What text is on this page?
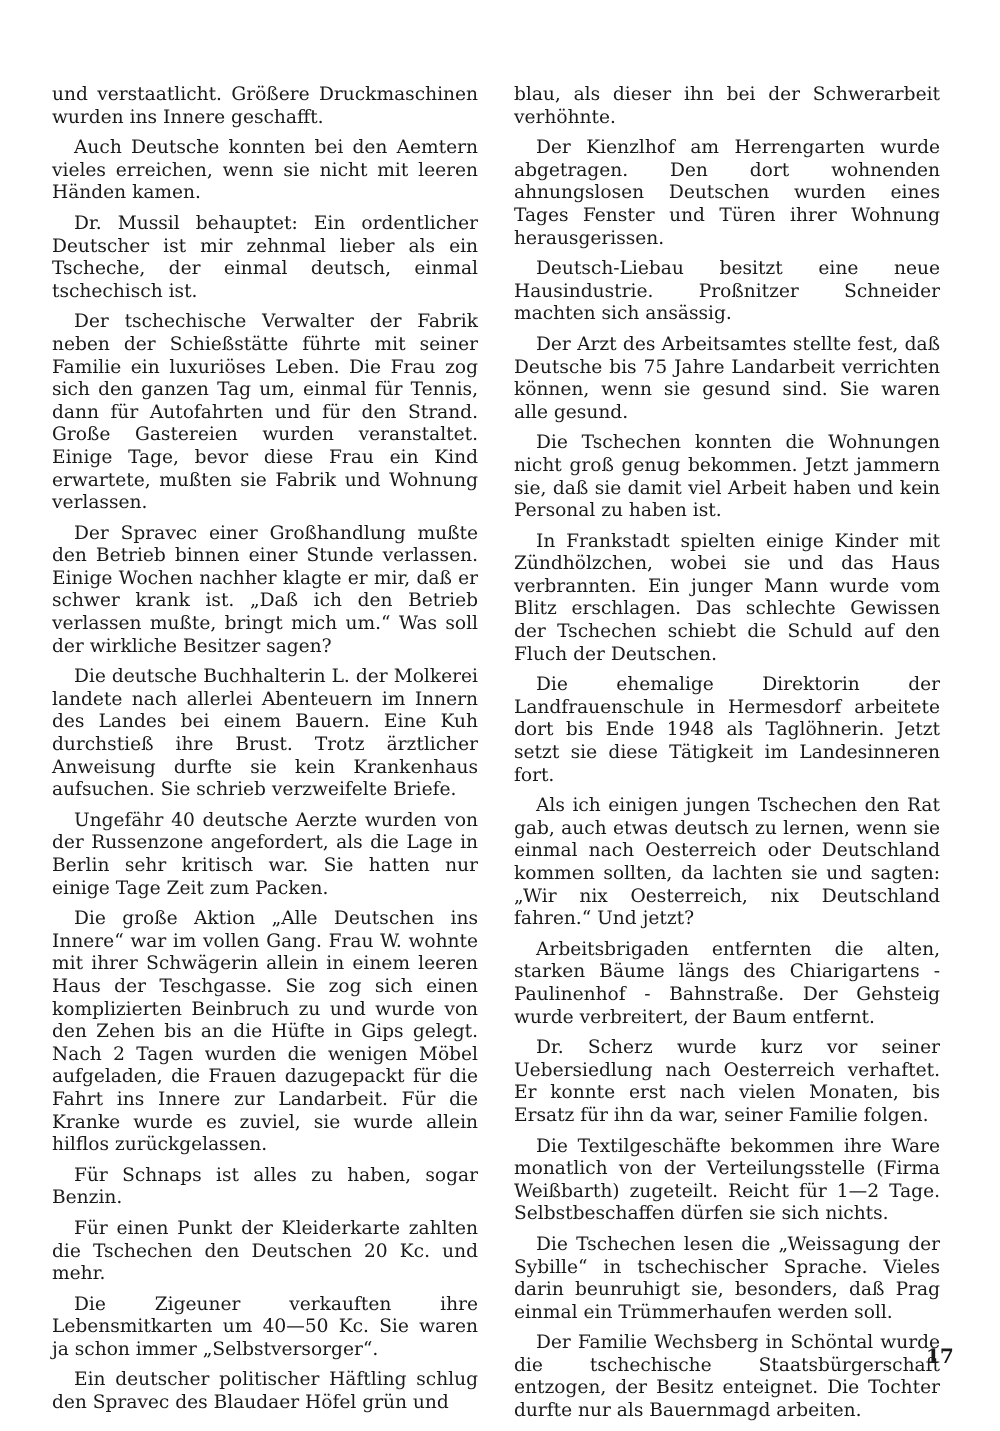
und verstaatlicht. Größere Druckmaschinen wurden ins Innere geschafft.

Auch Deutsche konnten bei den Aemtern vieles erreichen, wenn sie nicht mit leeren Händen kamen.

Dr. Mussil behauptet: Ein ordentlicher Deutscher ist mir zehnmal lieber als ein Tscheche, der einmal deutsch, einmal tschechisch ist.

Der tschechische Verwalter der Fabrik neben der Schießstätte führte mit seiner Familie ein luxuriöses Leben. Die Frau zog sich den ganzen Tag um, einmal für Tennis, dann für Autofahrten und für den Strand. Große Gastereien wurden veranstaltet. Einige Tage, bevor diese Frau ein Kind erwartete, mußten sie Fabrik und Wohnung verlassen.

Der Spravec einer Großhandlung mußte den Betrieb binnen einer Stunde verlassen. Einige Wochen nachher klagte er mir, daß er schwer krank ist. „Daß ich den Betrieb verlassen mußte, bringt mich um.“ Was soll der wirkliche Besitzer sagen?

Die deutsche Buchhalterin L. der Molkerei landete nach allerlei Abenteuern im Innern des Landes bei einem Bauern. Eine Kuh durchstieß ihre Brust. Trotz ärztlicher Anweisung durfte sie kein Krankenhaus aufsuchen. Sie schrieb verzweifelte Briefe.

Ungefähr 40 deutsche Aerzte wurden von der Russenzone angefordert, als die Lage in Berlin sehr kritisch war. Sie hatten nur einige Tage Zeit zum Packen.

Die große Aktion „Alle Deutschen ins Innere“ war im vollen Gang. Frau W. wohnte mit ihrer Schwägerin allein in einem leeren Haus der Teschgasse. Sie zog sich einen komplizierten Beinbruch zu und wurde von den Zehen bis an die Hüfte in Gips gelegt. Nach 2 Tagen wurden die wenigen Möbel aufgeladen, die Frauen dazugepackt für die Fahrt ins Innere zur Landarbeit. Für die Kranke wurde es zuviel, sie wurde allein hilflos zurückgelassen.

Für Schnaps ist alles zu haben, sogar Benzin.

Für einen Punkt der Kleiderkarte zahlten die Tschechen den Deutschen 20 Kc. und mehr.

Die Zigeuner verkauften ihre Lebensmitkarten um 40—50 Kc. Sie waren ja schon immer „Selbstversorger“.

Ein deutscher politischer Häftling schlug den Spravec des Blaudaer Höfel grün und

blau, als dieser ihn bei der Schwerarbeit verhöhnte.

Der Kienzlhof am Herrengarten wurde abgetragen. Den dort wohnenden ahnungslosen Deutschen wurden eines Tages Fenster und Türen ihrer Wohnung herausgerissen.

Deutsch-Liebau besitzt eine neue Hausindustrie. Proßnitzer Schneider machten sich ansässig.

Der Arzt des Arbeitsamtes stellte fest, daß Deutsche bis 75 Jahre Landarbeit verrichten können, wenn sie gesund sind. Sie waren alle gesund.

Die Tschechen konnten die Wohnungen nicht groß genug bekommen. Jetzt jammern sie, daß sie damit viel Arbeit haben und kein Personal zu haben ist.

In Frankstadt spielten einige Kinder mit Zündhölzchen, wobei sie und das Haus verbrannten. Ein junger Mann wurde vom Blitz erschlagen. Das schlechte Gewissen der Tschechen schiebt die Schuld auf den Fluch der Deutschen.

Die ehemalige Direktorin der Landfrauenschule in Hermesdorf arbeitete dort bis Ende 1948 als Taglöhnerin. Jetzt setzt sie diese Tätigkeit im Landesinneren fort.

Als ich einigen jungen Tschechen den Rat gab, auch etwas deutsch zu lernen, wenn sie einmal nach Oesterreich oder Deutschland kommen sollten, da lachten sie und sagten: „Wir nix Oesterreich, nix Deutschland fahren.“ Und jetzt?

Arbeitsbrigaden entfernten die alten, starken Bäume längs des Chiarigartens - Paulinenhof - Bahnstraße. Der Gehsteig wurde verbreitert, der Baum entfernt.

Dr. Scherz wurde kurz vor seiner Uebersiedlung nach Oesterreich verhaftet. Er konnte erst nach vielen Monaten, bis Ersatz für ihn da war, seiner Familie folgen.

Die Textilgeschäfte bekommen ihre Ware monatlich von der Verteilungsstelle (Firma Weißbarth) zugeteilt. Reicht für 1—2 Tage. Selbstbeschaffen dürfen sie sich nichts.

Die Tschechen lesen die „Weissagung der Sybille“ in tschechischer Sprache. Vieles darin beunruhigt sie, besonders, daß Prag einmal ein Trümmerhaufen werden soll.

Der Familie Wechsberg in Schöntal wurde die tschechische Staatsbürgerschaft entzogen, der Besitz enteignet. Die Tochter durfte nur als Bauernmagd arbeiten.

17
